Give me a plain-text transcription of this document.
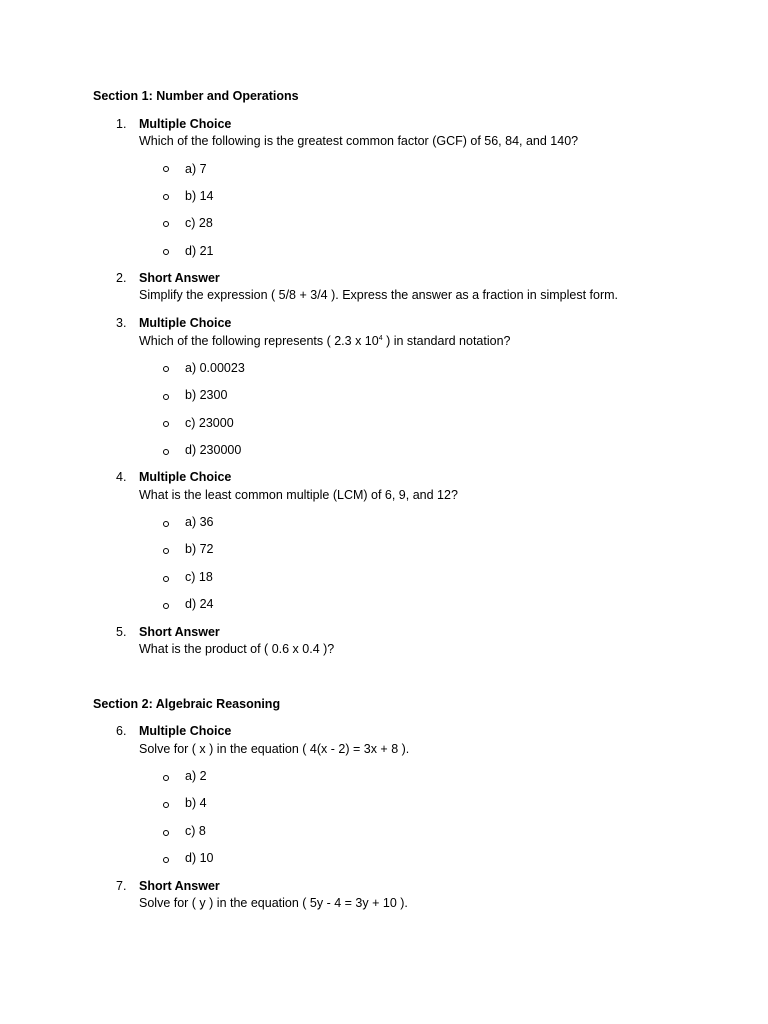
Section 1: Number and Operations
1. Multiple Choice
Which of the following is the greatest common factor (GCF) of 56, 84, and 140?
a) 7
b) 14
c) 28
d) 21
2. Short Answer
Simplify the expression ( 5/8 + 3/4 ). Express the answer as a fraction in simplest form.
3. Multiple Choice
Which of the following represents ( 2.3 x $10^4$ ) in standard notation?
a) 0.00023
b) 2300
c) 23000
d) 230000
4. Multiple Choice
What is the least common multiple (LCM) of 6, 9, and 12?
a) 36
b) 72
c) 18
d) 24
5. Short Answer
What is the product of ( 0.6 x 0.4 )?
Section 2: Algebraic Reasoning
6. Multiple Choice
Solve for ( x ) in the equation ( 4(x - 2) = 3x + 8 ).
a) 2
b) 4
c) 8
d) 10
7. Short Answer
Solve for ( y ) in the equation ( 5y - 4 = 3y + 10 ).
